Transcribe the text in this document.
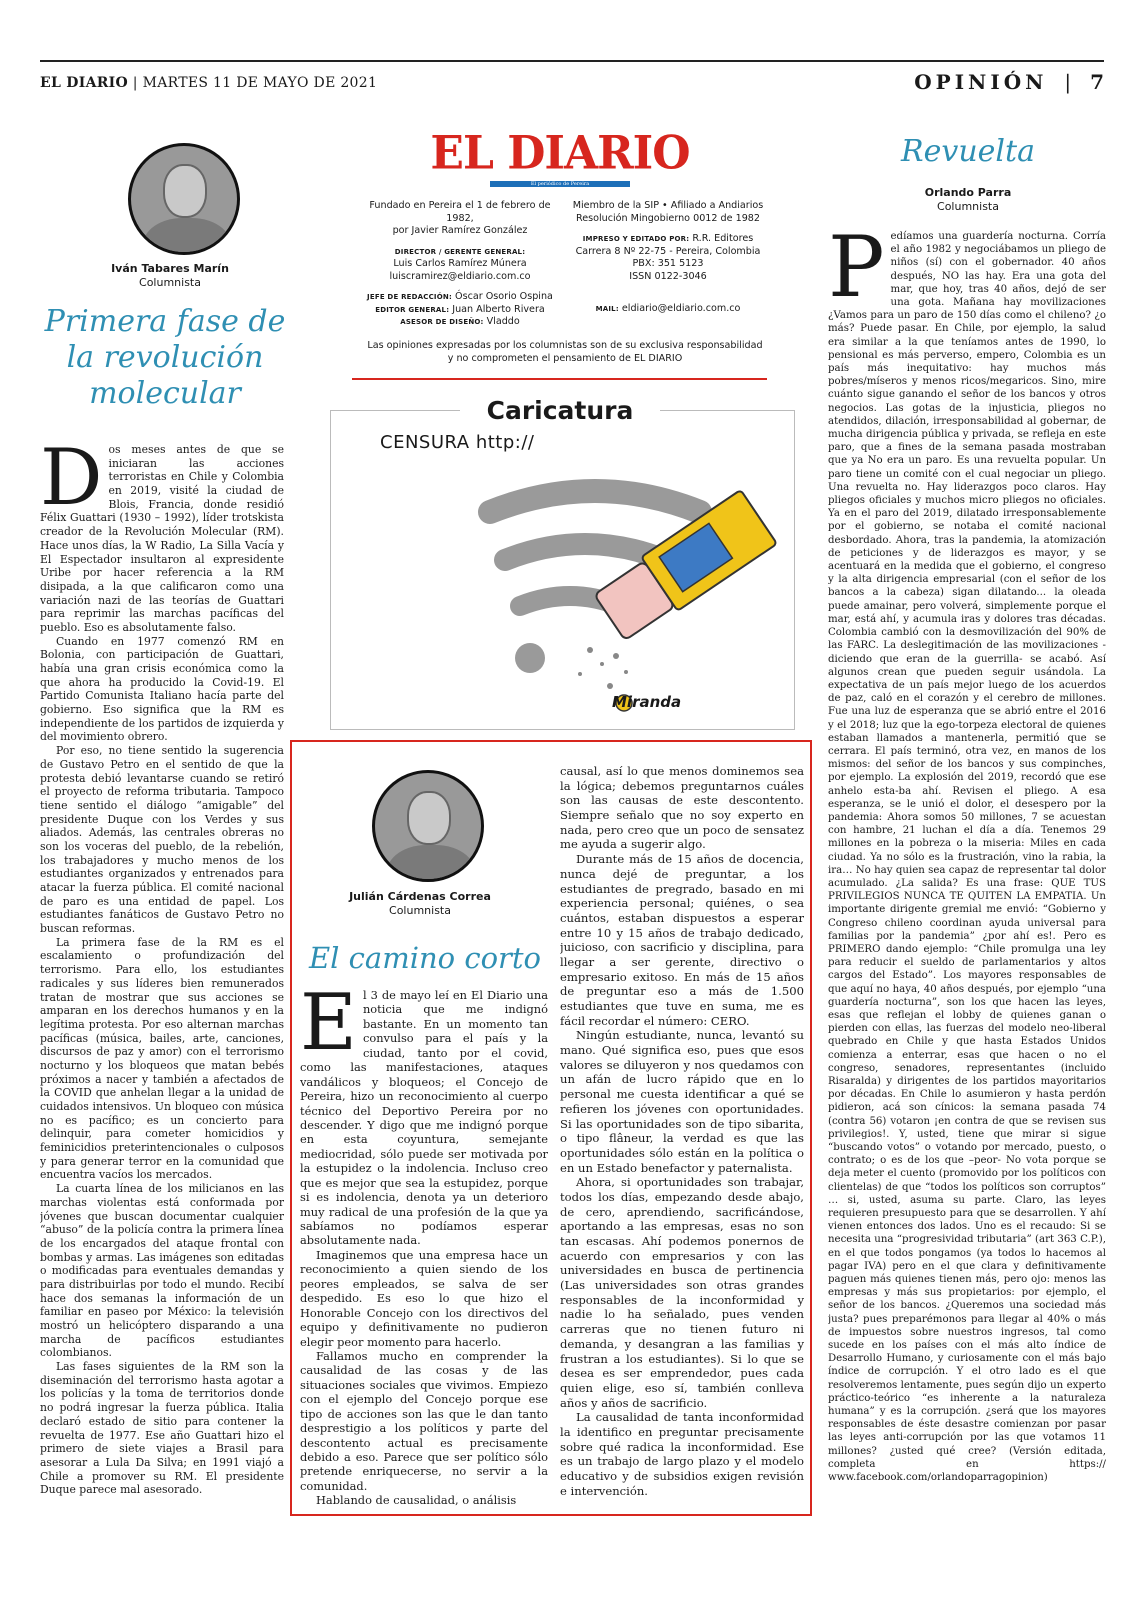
EL DIARIO | MARTES 11 DE MAYO DE 2021	OPINIÓN | 7
Iván Tabares Marín
Columnista
Primera fase de la revolución molecular
D os meses antes de que se iniciaran las acciones terroristas en Chile y Colombia en 2019, visité la ciudad de Blois, Francia, donde residió Félix Guattari (1930 – 1992), líder trotskista creador de la Revolución Molecular (RM). Hace unos días, la W Radio, La Silla Vacía y El Espectador insultaron al expresidente Uribe por hacer referencia a la RM disipada, a la que calificaron como una variación nazi de las teorías de Guattari para reprimir las marchas pacíficas del pueblo. Eso es absolutamente falso.

Cuando en 1977 comenzó RM en Bolonia, con participación de Guattari, había una gran crisis económica como la que ahora ha producido la Covid-19. El Partido Comunista Italiano hacía parte del gobierno. Eso significa que la RM es independiente de los partidos de izquierda y del movimiento obrero.

Por eso, no tiene sentido la sugerencia de Gustavo Petro en el sentido de que la protesta debió levantarse cuando se retiró el proyecto de reforma tributaria. Tampoco tiene sentido el diálogo “amigable” del presidente Duque con los Verdes y sus aliados. Además, las centrales obreras no son los voceras del pueblo, de la rebelión, los trabajadores y mucho menos de los estudiantes organizados y entrenados para atacar la fuerza pública. El comité nacional de paro es una entidad de papel. Los estudiantes fanáticos de Gustavo Petro no buscan reformas.

La primera fase de la RM es el escalamiento o profundización del terrorismo. Para ello, los estudiantes radicales y sus líderes bien remunerados tratan de mostrar que sus acciones se amparan en los derechos humanos y en la legítima protesta. Por eso alternan marchas pacíficas (música, bailes, arte, canciones, discursos de paz y amor) con el terrorismo nocturno y los bloqueos que matan bebés próximos a nacer y también a afectados de la COVID que anhelan llegar a la unidad de cuidados intensivos. Un bloqueo con música no es pacífico; es un concierto para delinquir, para cometer homicidios y feminicidios preterintencionales o culposos y para generar terror en la comunidad que encuentra vacíos los mercados.

La cuarta línea de los milicianos en las marchas violentas está conformada por jóvenes que buscan documentar cualquier “abuso” de la policía contra la primera línea de los encargados del ataque frontal con bombas y armas. Las imágenes son editadas o modificadas para eventuales demandas y para distribuirlas por todo el mundo. Recibí hace dos semanas la información de un familiar en paseo por México: la televisión mostró un helicóptero disparando a una marcha de pacíficos estudiantes colombianos.

Las fases siguientes de la RM son la diseminación del terrorismo hasta agotar a los policías y la toma de territorios donde no podrá ingresar la fuerza pública. Italia declaró estado de sitio para contener la revuelta de 1977. Ese año Guattari hizo el primero de siete viajes a Brasil para asesorar a Lula Da Silva; en 1991 viajó a Chile a promover su RM. El presidente Duque parece mal asesorado.

EL DIARIO
El periódico de Pereira
Fundado en Pereira el 1 de febrero de 1982,
por Javier Ramírez González
DIRECTOR / GERENTE GENERAL:
Luis Carlos Ramírez Múnera
luiscramirez@eldiario.com.co
JEFE DE REDACCIÓN: Óscar Osorio Ospina
EDITOR GENERAL: Juan Alberto Rivera
ASESOR DE DISEÑO: Vladdo
Miembro de la SIP • Afiliado a Andiarios
Resolución Mingobierno 0012 de 1982
IMPRESO Y EDITADO POR: R.R. Editores
Carrera 8 Nº 22-75 - Pereira, Colombia
PBX: 351 5123
ISSN 0122-3046
MAIL: eldiario@eldiario.com.co
Las opiniones expresadas por los columnistas son de su exclusiva responsabilidad
y no comprometen el pensamiento de EL DIARIO
Caricatura
CENSURA http://
Miranda
Julián Cárdenas Correa
Columnista
El camino corto
E l 3 de mayo leí en El Diario una noticia que me indignó bastante. En un momento tan convulso para el país y la ciudad, tanto por el covid, como las manifestaciones, ataques vandálicos y bloqueos; el Concejo de Pereira, hizo un reconocimiento al cuerpo técnico del Deportivo Pereira por no descender. Y digo que me indignó porque en esta coyuntura, semejante mediocridad, sólo puede ser motivada por la estupidez o la indolencia. Incluso creo que es mejor que sea la estupidez, porque si es indolencia, denota ya un deterioro muy radical de una profesión de la que ya sabíamos no podíamos esperar absolutamente nada.

Imaginemos que una empresa hace un reconocimiento a quien siendo de los peores empleados, se salva de ser despedido. Es eso lo que hizo el Honorable Concejo con los directivos del equipo y definitivamente no pudieron elegir peor momento para hacerlo.

Fallamos mucho en comprender la causalidad de las cosas y de las situaciones sociales que vivimos. Empiezo con el ejemplo del Concejo porque ese tipo de acciones son las que le dan tanto desprestigio a los políticos y parte del descontento actual es precisamente debido a eso. Parece que ser político sólo pretende enriquecerse, no servir a la comunidad.

Hablando de causalidad, o análisis

causal, así lo que menos dominemos sea la lógica; debemos preguntarnos cuáles son las causas de este descontento. Siempre señalo que no soy experto en nada, pero creo que un poco de sensatez me ayuda a sugerir algo.

Durante más de 15 años de docencia, nunca dejé de preguntar, a los estudiantes de pregrado, basado en mi experiencia personal; quiénes, o sea cuántos, estaban dispuestos a esperar entre 10 y 15 años de trabajo dedicado, juicioso, con sacrificio y disciplina, para llegar a ser gerente, directivo o empresario exitoso. En más de 15 años de preguntar eso a más de 1.500 estudiantes que tuve en suma, me es fácil recordar el número: CERO.

Ningún estudiante, nunca, levantó su mano. Qué significa eso, pues que esos valores se diluyeron y nos quedamos con un afán de lucro rápido que en lo personal me cuesta identificar a qué se refieren los jóvenes con oportunidades. Si las oportunidades son de tipo sibarita, o tipo flâneur, la verdad es que las oportunidades sólo están en la política o en un Estado benefactor y paternalista.

Ahora, si oportunidades son trabajar, todos los días, empezando desde abajo, de cero, aprendiendo, sacrificándose, aportando a las empresas, esas no son tan escasas. Ahí podemos ponernos de acuerdo con empresarios y con las universidades en busca de pertinencia (Las universidades son otras grandes responsables de la inconformidad y nadie lo ha señalado, pues venden carreras que no tienen futuro ni demanda, y desangran a las familias y frustran a los estudiantes). Si lo que se desea es ser emprendedor, pues cada quien elige, eso sí, también conlleva años y años de sacrificio.

La causalidad de tanta inconformidad la identifico en preguntar precisamente sobre qué radica la inconformidad. Ese es un trabajo de largo plazo y el modelo educativo y de subsidios exigen revisión e intervención.

Revuelta
Orlando Parra
Columnista
P edíamos una guardería nocturna. Corría el año 1982 y negociábamos un pliego de niños (sí) con el gobernador. 40 años después, NO las hay. Era una gota del mar, que hoy, tras 40 años, dejó de ser una gota. Mañana hay movilizaciones ¿Vamos para un paro de 150 días como el chileno? ¿o más? Puede pasar. En Chile, por ejemplo, la salud era similar a la que teníamos antes de 1990, lo pensional es más perverso, empero, Colombia es un país más inequitativo: hay muchos más pobres/míseros y menos ricos/megaricos. Sino, mire cuánto sigue ganando el señor de los bancos y otros negocios. Las gotas de la injusticia, pliegos no atendidos, dilación, irresponsabilidad al gobernar, de mucha dirigencia pública y privada, se refleja en este paro, que a fines de la semana pasada mostraban que ya No era un paro. Es una revuelta popular. Un paro tiene un comité con el cual negociar un pliego. Una revuelta no. Hay liderazgos poco claros. Hay pliegos oficiales y muchos micro pliegos no oficiales. Ya en el paro del 2019, dilatado irresponsablemente por el gobierno, se notaba el comité nacional desbordado. Ahora, tras la pandemia, la atomización de peticiones y de liderazgos es mayor, y se acentuará en la medida que el gobierno, el congreso y la alta dirigencia empresarial (con el señor de los bancos a la cabeza) sigan dilatando... la oleada puede amainar, pero volverá, simplemente porque el mar, está ahí, y acumula iras y dolores tras décadas. Colombia cambió con la desmovilización del 90% de las FARC. La deslegitimación de las movilizaciones -diciendo que eran de la guerrilla- se acabó. Así algunos crean que pueden seguir usándola. La expectativa de un país mejor luego de los acuerdos de paz, caló en el corazón y el cerebro de millones. Fue una luz de esperanza que se abrió entre el 2016 y el 2018; luz que la ego-torpeza electoral de quienes estaban llamados a mantenerla, permitió que se cerrara. El país terminó, otra vez, en manos de los mismos: del señor de los bancos y sus compinches, por ejemplo. La explosión del 2019, recordó que ese anhelo esta-ba ahí. Revisen el pliego. A esa esperanza, se le unió el dolor, el desespero por la pandemia: Ahora somos 50 millones, 7 se acuestan con hambre, 21 luchan el día a día. Tenemos 29 millones en la pobreza o la miseria: Miles en cada ciudad. Ya no sólo es la frustración, vino la rabia, la ira… No hay quien sea capaz de representar tal dolor acumulado. ¿La salida? Es una frase: QUE TUS PRIVILEGIOS NUNCA TE QUITEN LA EMPATIA. Un importante dirigente gremial me envió: “Gobierno y Congreso chileno coordinan ayuda universal para familias por la pandemia” ¿por ahí es!. Pero es PRIMERO dando ejemplo: “Chile promulga una ley para reducir el sueldo de parlamentarios y altos cargos del Estado”. Los mayores responsables de que aquí no haya, 40 años después, por ejemplo “una guardería nocturna”, son los que hacen las leyes, esas que reflejan el lobby de quienes ganan o pierden con ellas, las fuerzas del modelo neo-liberal quebrado en Chile y que hasta Estados Unidos comienza a enterrar, esas que hacen o no el congreso, senadores, representantes (incluido Risaralda) y dirigentes de los partidos mayoritarios por décadas. En Chile lo asumieron y hasta perdón pidieron, acá son cínicos: la semana pasada 74 (contra 56) votaron ¡en contra de que se revisen sus privilegios!. Y, usted, tiene que mirar si sigue “buscando votos” o votando por mercado, puesto, o contrato; o es de los que –peor- No vota porque se deja meter el cuento (promovido por los políticos con clientelas) de que “todos los políticos son corruptos” … si, usted, asuma su parte. Claro, las leyes requieren presupuesto para que se desarrollen. Y ahí vienen entonces dos lados. Uno es el recaudo: Si se necesita una “progresividad tributaria” (art 363 C.P.), en el que todos pongamos (ya todos lo hacemos al pagar IVA) pero en el que clara y definitivamente paguen más quienes tienen más, pero ojo: menos las empresas y más sus propietarios: por ejemplo, el señor de los bancos. ¿Queremos una sociedad más justa? pues preparémonos para llegar al 40% o más de impuestos sobre nuestros ingresos, tal como sucede en los países con el más alto índice de Desarrollo Humano, y curiosamente con el más bajo índice de corrupción. Y el otro lado es el que resolveremos lentamente, pues según dijo un experto práctico-teórico “es inherente a la naturaleza humana” y es la corrupción. ¿será que los mayores responsables de éste desastre comienzan por pasar las leyes anti-corrupción por las que votamos 11 millones? ¿usted qué cree? (Versión editada, completa en https:// www.facebook.com/orlandoparragopinion)
